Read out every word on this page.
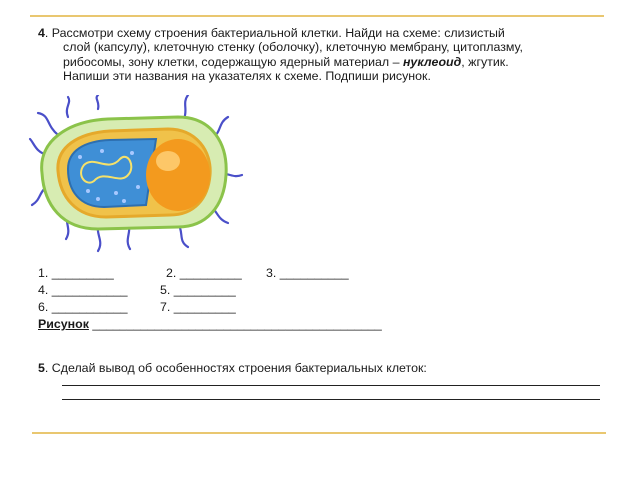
4. Рассмотри схему строения бактериальной клетки. Найди на схеме: слизистый
слой (капсулу), клеточную стенку (оболочку), клеточную мембрану, цитоплазму,
рибосомы, зону клетки, содержащую ядерный материал – нуклеоид, жгутик.
Напиши эти названия на указателях к схеме. Подпиши рисунок.
1. _________	2. _________ 3. __________
4. ___________	5. _________
6. ___________	7. _________
Рисунок __________________________________________
5. Сделай вывод об особенностях строения бактериальных клеток:
